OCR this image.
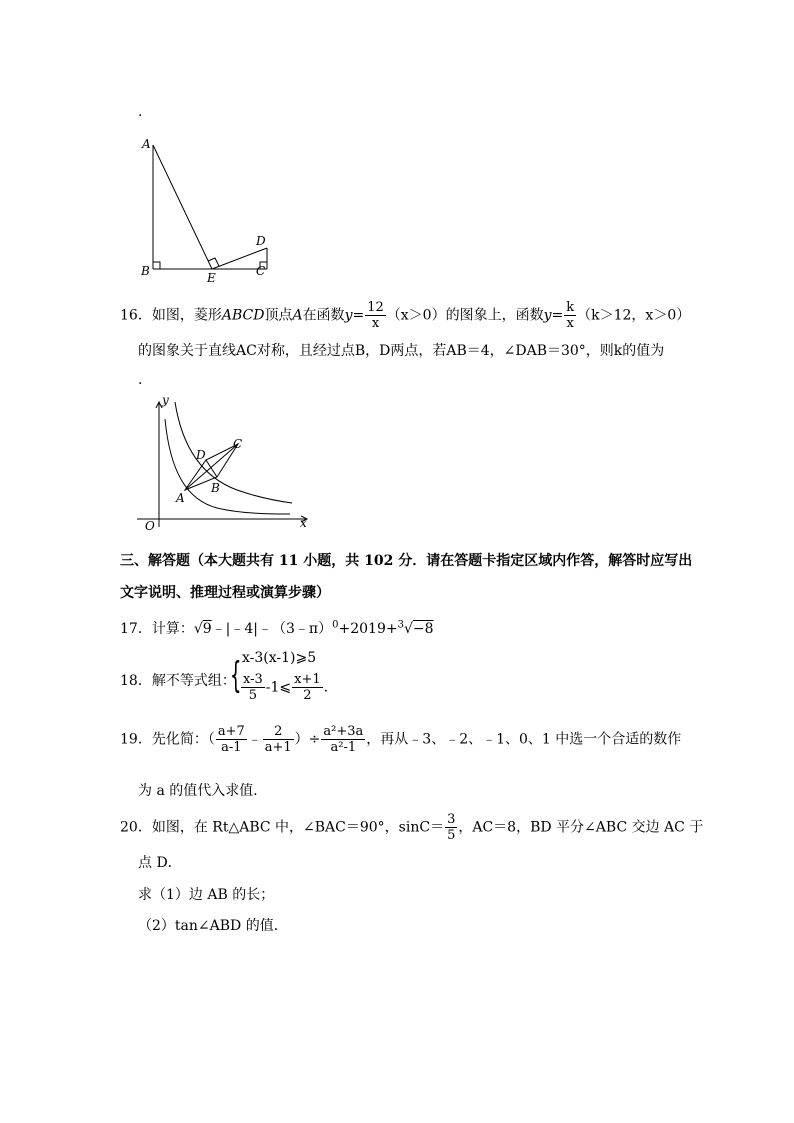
.
A
B	E
D
C
16．如图，菱形ABCD顶点A在函数$y= \frac{12}{x} (x>0)$的图象上，函数$y= \frac{k}{x} (k>12$，x＞0）
的图象关于直线AC对称，且经过点B，D两点，若AB＝4，∠DAB＝30°，则k的值为
.
y
x
O
A
B
C
D
三、解答题（本大题共有 11 小题，共 102 分．请在答题卡指定区域内作答，解答时应写出
文字说明、推理过程或演算步骤）
17．计算：√9﹣|﹣4|﹣（3﹣π）$^0$+2019+$^3$√−8
18．解不等式组：
{ x-3(x-1)⩾5
$\frac{x-3}{5}$ -1⩽ $\frac{x+1}{2}$ .
19．先化简：（ $\frac{a+7}{a-1}$ ﹣ $\frac{2}{a+1}$ ）÷ $\frac{\text{a²+3a}}{\text{a²-1}}$ ，再从﹣3、﹣2、﹣1、0、1 中选一个合适的数作
为 a 的值代入求值．
20．如图，在 Rt△ABC 中，∠BAC＝90°，$\sin C= \frac{3}{5}$ ，AC＝8，BD 平分∠ABC 交边 AC 于
点 D．
求（1）边 AB 的长；
（2）tan∠ABD 的值．
